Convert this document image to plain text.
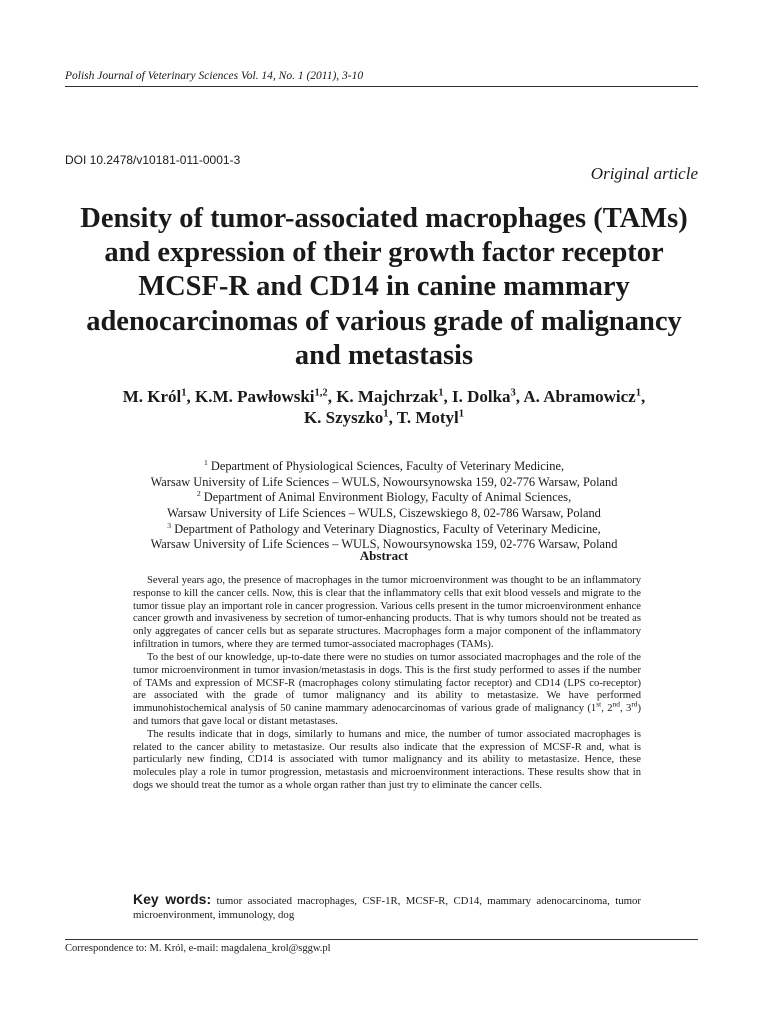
Polish Journal of Veterinary Sciences Vol. 14, No. 1 (2011), 3-10
DOI 10.2478/v10181-011-0001-3
Original article
Density of tumor-associated macrophages (TAMs) and expression of their growth factor receptor MCSF-R and CD14 in canine mammary adenocarcinomas of various grade of malignancy and metastasis
M. Król$^1$, K.M. Pawłowski$^{1,2}$, K. Majchrzak$^1$, I. Dolka$^3$, A. Abramowicz$^1$,
K. Szyszko$^1$, T. Motyl$^1$
$^1$ Department of Physiological Sciences, Faculty of Veterinary Medicine,
Warsaw University of Life Sciences – WULS, Nowoursynowska 159, 02-776 Warsaw, Poland
$^2$ Department of Animal Environment Biology, Faculty of Animal Sciences,
Warsaw University of Life Sciences – WULS, Ciszewskiego 8, 02-786 Warsaw, Poland
$^3$ Department of Pathology and Veterinary Diagnostics, Faculty of Veterinary Medicine,
Warsaw University of Life Sciences – WULS, Nowoursynowska 159, 02-776 Warsaw, Poland
Abstract

Several years ago, the presence of macrophages in the tumor microenvironment was thought to be an inflammatory response to kill the cancer cells. Now, this is clear that the inflammatory cells that exit blood vessels and migrate to the tumor tissue play an important role in cancer progression. Various cells present in the tumor microenvironment enhance cancer growth and invasiveness by secretion of tumor-enhancing products. That is why tumors should not be treated as only aggregates of cancer cells but as separate structures. Macrophages form a major component of the inflammatory infiltration in tumors, where they are termed tumor-associated macrophages (TAMs).

To the best of our knowledge, up-to-date there were no studies on tumor associated macrophages and the role of the tumor microenvironment in tumor invasion/metastasis in dogs. This is the first study performed to asses if the number of TAMs and expression of MCSF-R (macrophages colony stimulating factor receptor) and CD14 (LPS co-receptor) are associated with the grade of tumor malignancy and its ability to metastasize. We have performed immunohistochemical analysis of 50 canine mammary adenocarcinomas of various grade of malignancy (1st, 2nd, 3rd) and tumors that gave local or distant metastases.

The results indicate that in dogs, similarly to humans and mice, the number of tumor associated macrophages is related to the cancer ability to metastasize. Our results also indicate that the expression of MCSF-R and, what is particularly new finding, CD14 is associated with tumor malignancy and its ability to metastasize. Hence, these molecules play a role in tumor progression, metastasis and microenvironment interactions. These results show that in dogs we should treat the tumor as a whole organ rather than just try to eliminate the cancer cells.

Key words: tumor associated macrophages, CSF-1R, MCSF-R, CD14, mammary adenocarcinoma, tumor microenvironment, immunology, dog
Correspondence to: M. Król, e-mail: magdalena_krol@sggw.pl
